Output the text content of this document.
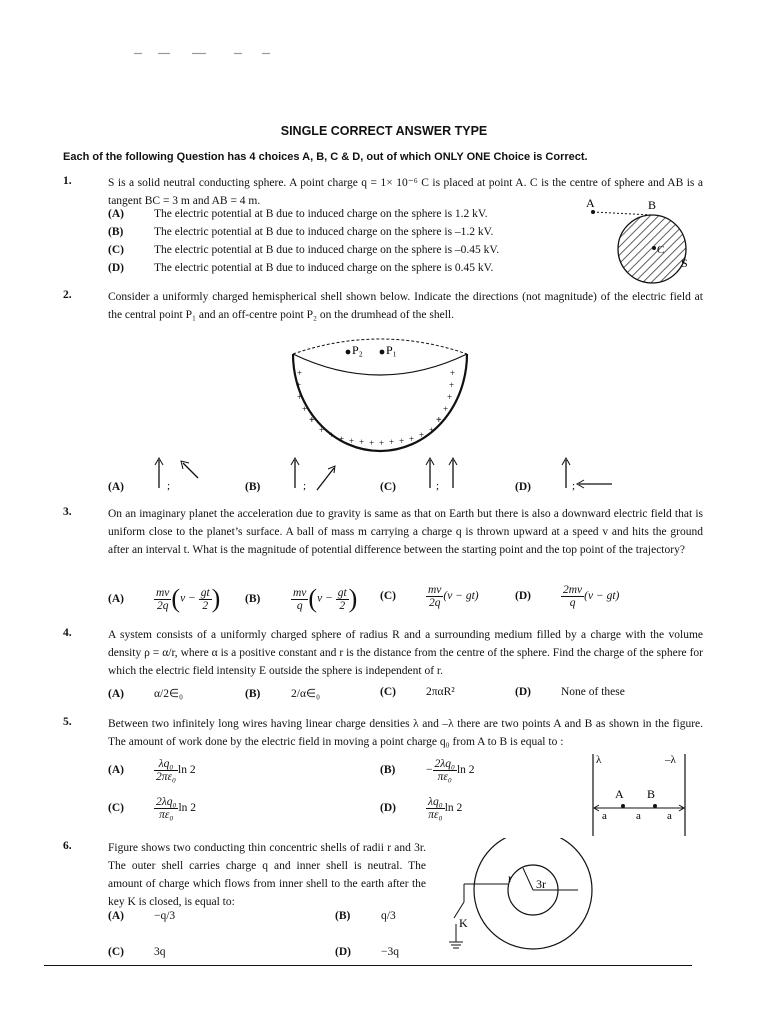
SINGLE CORRECT ANSWER TYPE
Each of the following Question has 4 choices A, B, C & D, out of which ONLY ONE Choice is Correct.
1.	S is a solid neutral conducting sphere. A point charge q = 1× 10⁻⁶ C is placed at point A. C is the centre of sphere and AB is a tangent BC = 3 m and AB = 4 m.
(A)	The electric potential at B due to induced charge on the sphere is 1.2 kV.
(B)	The electric potential at B due to induced charge on the sphere is –1.2 kV.
(C)	The electric potential at B due to induced charge on the sphere is –0.45 kV.
(D)	The electric potential at B due to induced charge on the sphere is 0.45 kV.
A	B
C
S
2.	Consider a uniformly charged hemispherical shell shown below. Indicate the directions (not magnitude) of the electric field at the central point P₁ and an off-centre point P₂ on the drumhead of the shell.
+
+
+
+
+
+ + + + + + + + + + + +
+
+
+
+
+
P₂ P₁
(A)	;	(B)	;	(C)	;	(D)	;
3.	On an imaginary planet the acceleration due to gravity is same as that on Earth but there is also a downward electric field that is uniform close to the planet’s surface. A ball of mass m carrying a charge q is thrown upward at a speed v and hits the ground after an interval t. What is the magnitude of potential difference between the starting point and the top point of the trajectory?
(A)	$\frac{mv}{2q} (v - \frac{gt}{2}$ ) (B)	$\frac{mv}{q} (v - \frac{gt}{2}$ ) (C)	$\frac{mv}{2q} (v - gt)$	(D)	$\frac{2mv}{q} (v - gt)$
4.	A system consists of a uniformly charged sphere of radius R and a surrounding medium filled by a charge with the volume density ρ = α/r, where α is a positive constant and r is the distance from the centre of the sphere. Find the charge of the sphere for which the electric field intensity E outside the sphere is independent of r.
(A)	α/2∈₀	(B)	2/α∈₀	(C)	2παR²	(D)	None of these
5.	Between two infinitely long wires having linear charge densities λ and –λ there are two points A and B as shown in the figure. The amount of work done by the electric field in moving a point charge q₀ from A to B is equal to :
(A)	$\frac{\text{λq₀}}{\text{2πε₀}}$ ln 2	(B)	− $\frac{\text{2λq₀}}{\text{πε₀}}$ ln 2
(C)	$\frac{\text{2λq₀}}{\text{πε₀}}$ ln 2	(D)	$\frac{\text{λq₀}}{\text{πε₀}}$ ln 2
λ	–λ
A B
a	a a
6.	Figure shows two conducting thin concentric shells of radii r and 3r. The outer shell carries charge q and inner shell is neutral. The amount of charge which flows from inner shell to the earth after the key K is closed, is equal to:
(A)	−q/3	(B)	q/3
(C)	3q	(D)	−3q
r 3r
K
